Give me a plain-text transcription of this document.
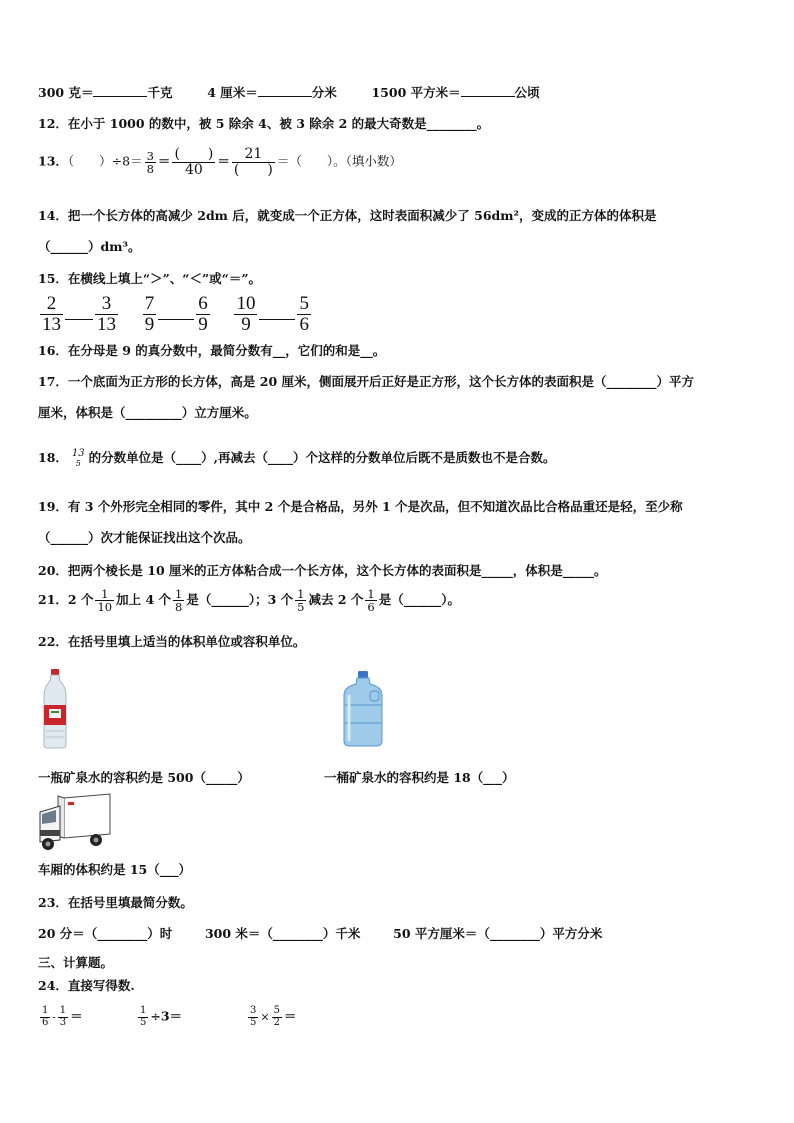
300 克＝	千克	4 厘米＝	分米	1500 平方米＝	公顷
12．在小于 1000 的数中，被 5 除余 4、被 3 除余 2 的最大奇数是________。
13．（　　）$\div 8= \frac{3}{8} = \frac{( )}{40} = \frac{21}{( )}$ ＝（　　）。（填小数）
14．把一个长方体的高减少 2dm 后，就变成一个正方体，这时表面积减少了 56dm²，变成的正方体的体积是
（______）dm³。
15．在横线上填上“＞”、“＜”或“＝”。
$\frac{2}{13} \frac{3}{13}$
$\frac{7}{9} \frac{6}{9}$
$\frac{10}{9} \frac{5}{6}$
16．在分母是 9 的真分数中，最简分数有__，它们的和是__。
17．一个底面为正方形的长方体，高是 20 厘米，侧面展开后正好是正方形，这个长方体的表面积是（________）平方
厘米，体积是（_________）立方厘米。
18． 13
5 的分数单位是（____）,再减去（____）个这样的分数单位后既不是质数也不是合数。
19．有 3 个外形完全相同的零件，其中 2 个是合格品，另外 1 个是次品，但不知道次品比合格品重还是轻，至少称
（______）次才能保证找出这个次品。
20．把两个棱长是 10 厘米的正方体粘合成一个长方体，这个长方体的表面积是_____，体积是_____。
21．2 个 $\frac{1}{10}$ 加上 4 个 $\frac{1}{8}$ 是（______）；3 个 $\frac{1}{5}$ 减去 2 个 $\frac{1}{6}$ 是（______）。
22．在括号里填上适当的体积单位或容积单位。
一瓶矿泉水的容积约是 500（_____）	一桶矿泉水的容积约是 18（___）
车厢的体积约是 15（___）
23．在括号里填最简分数。
20 分＝（________）时	300 米＝（________）千米	50 平方厘米＝（________）平方分米
三、计算题。
24．直接写得数.
$\frac{1}{6} - \frac{1}{3}$ ＝	$\frac{1}{5} \div 3=$	$\frac{3}{5} \times \frac{5}{2}$ ＝
